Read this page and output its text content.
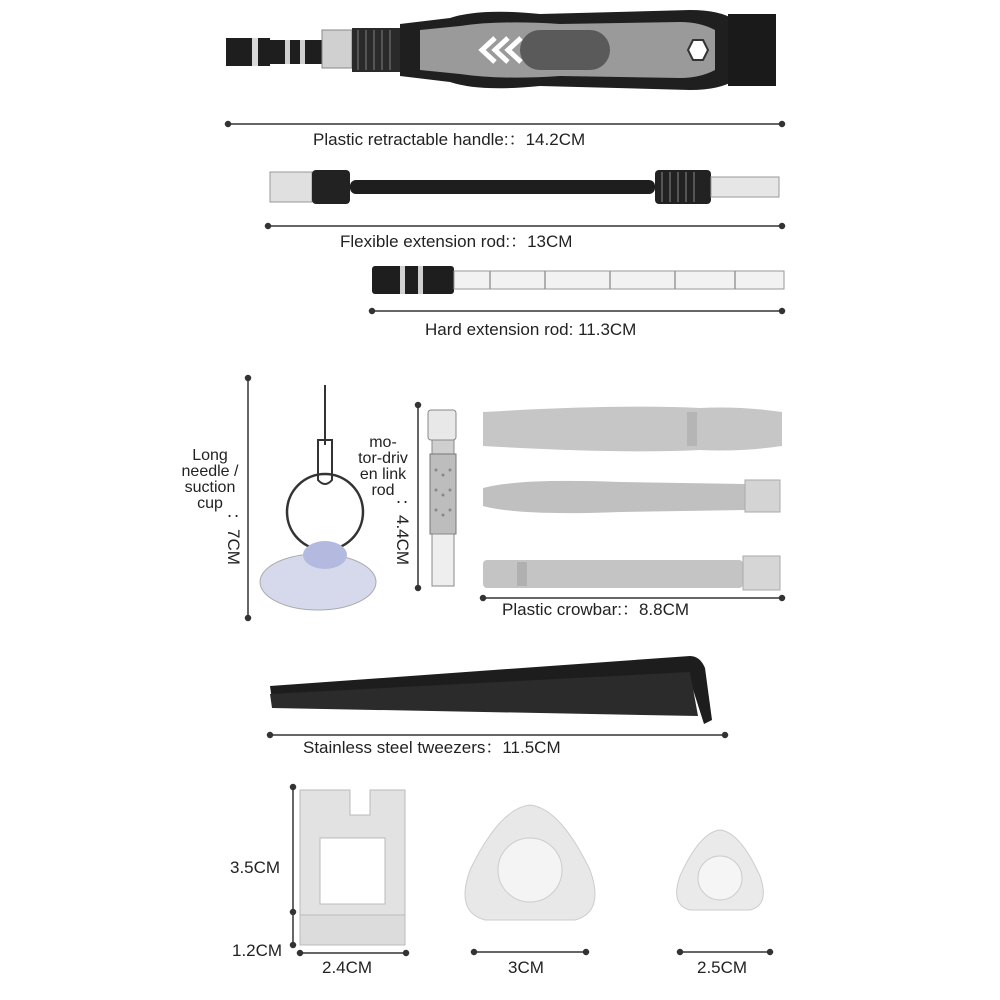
Plastic retractable handle:：14.2CM
Flexible extension rod:：13CM
Hard extension rod: 11.3CM
Long
needle /
suction
cup
：7CM
mo-
tor-driv
en link
rod
：4.4CM
Plastic crowbar:：8.8CM
Stainless steel tweezers：11.5CM
3.5CM
1.2CM
2.4CM	3CM	2.5CM
